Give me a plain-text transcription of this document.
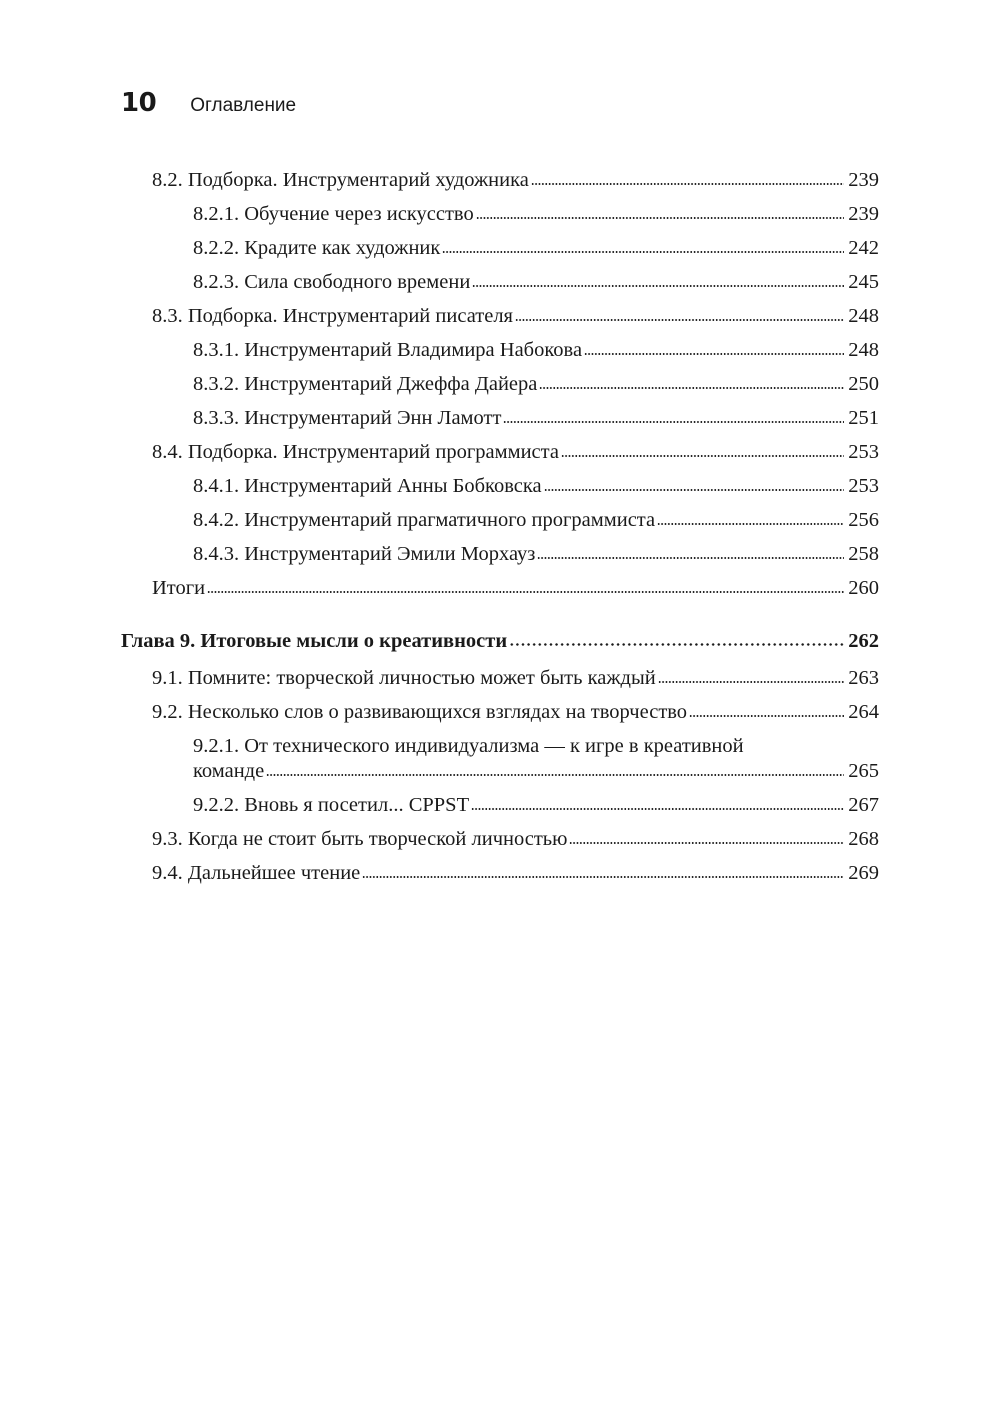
10 Оглавление
8.2. Подборка. Инструментарий художника	239
8.2.1. Обучение через искусство	239
8.2.2. Крадите как художник	242
8.2.3. Сила свободного времени	245
8.3. Подборка. Инструментарий писателя	248
8.3.1. Инструментарий Владимира Набокова	248
8.3.2. Инструментарий Джеффа Дайера	250
8.3.3. Инструментарий Энн Ламотт	251
8.4. Подборка. Инструментарий программиста	253
8.4.1. Инструментарий Анны Бобковска	253
8.4.2. Инструментарий прагматичного программиста	256
8.4.3. Инструментарий Эмили Морхауз	258
Итоги	260
Глава 9. Итоговые мысли о креативности	262
9.1. Помните: творческой личностью может быть каждый	263
9.2. Несколько слов о развивающихся взглядах на творчество	264
9.2.1. От технического индивидуализма — к игре в креативной
команде	265
9.2.2. Вновь я посетил... CPPST	267
9.3. Когда не стоит быть творческой личностью	268
9.4. Дальнейшее чтение	269
